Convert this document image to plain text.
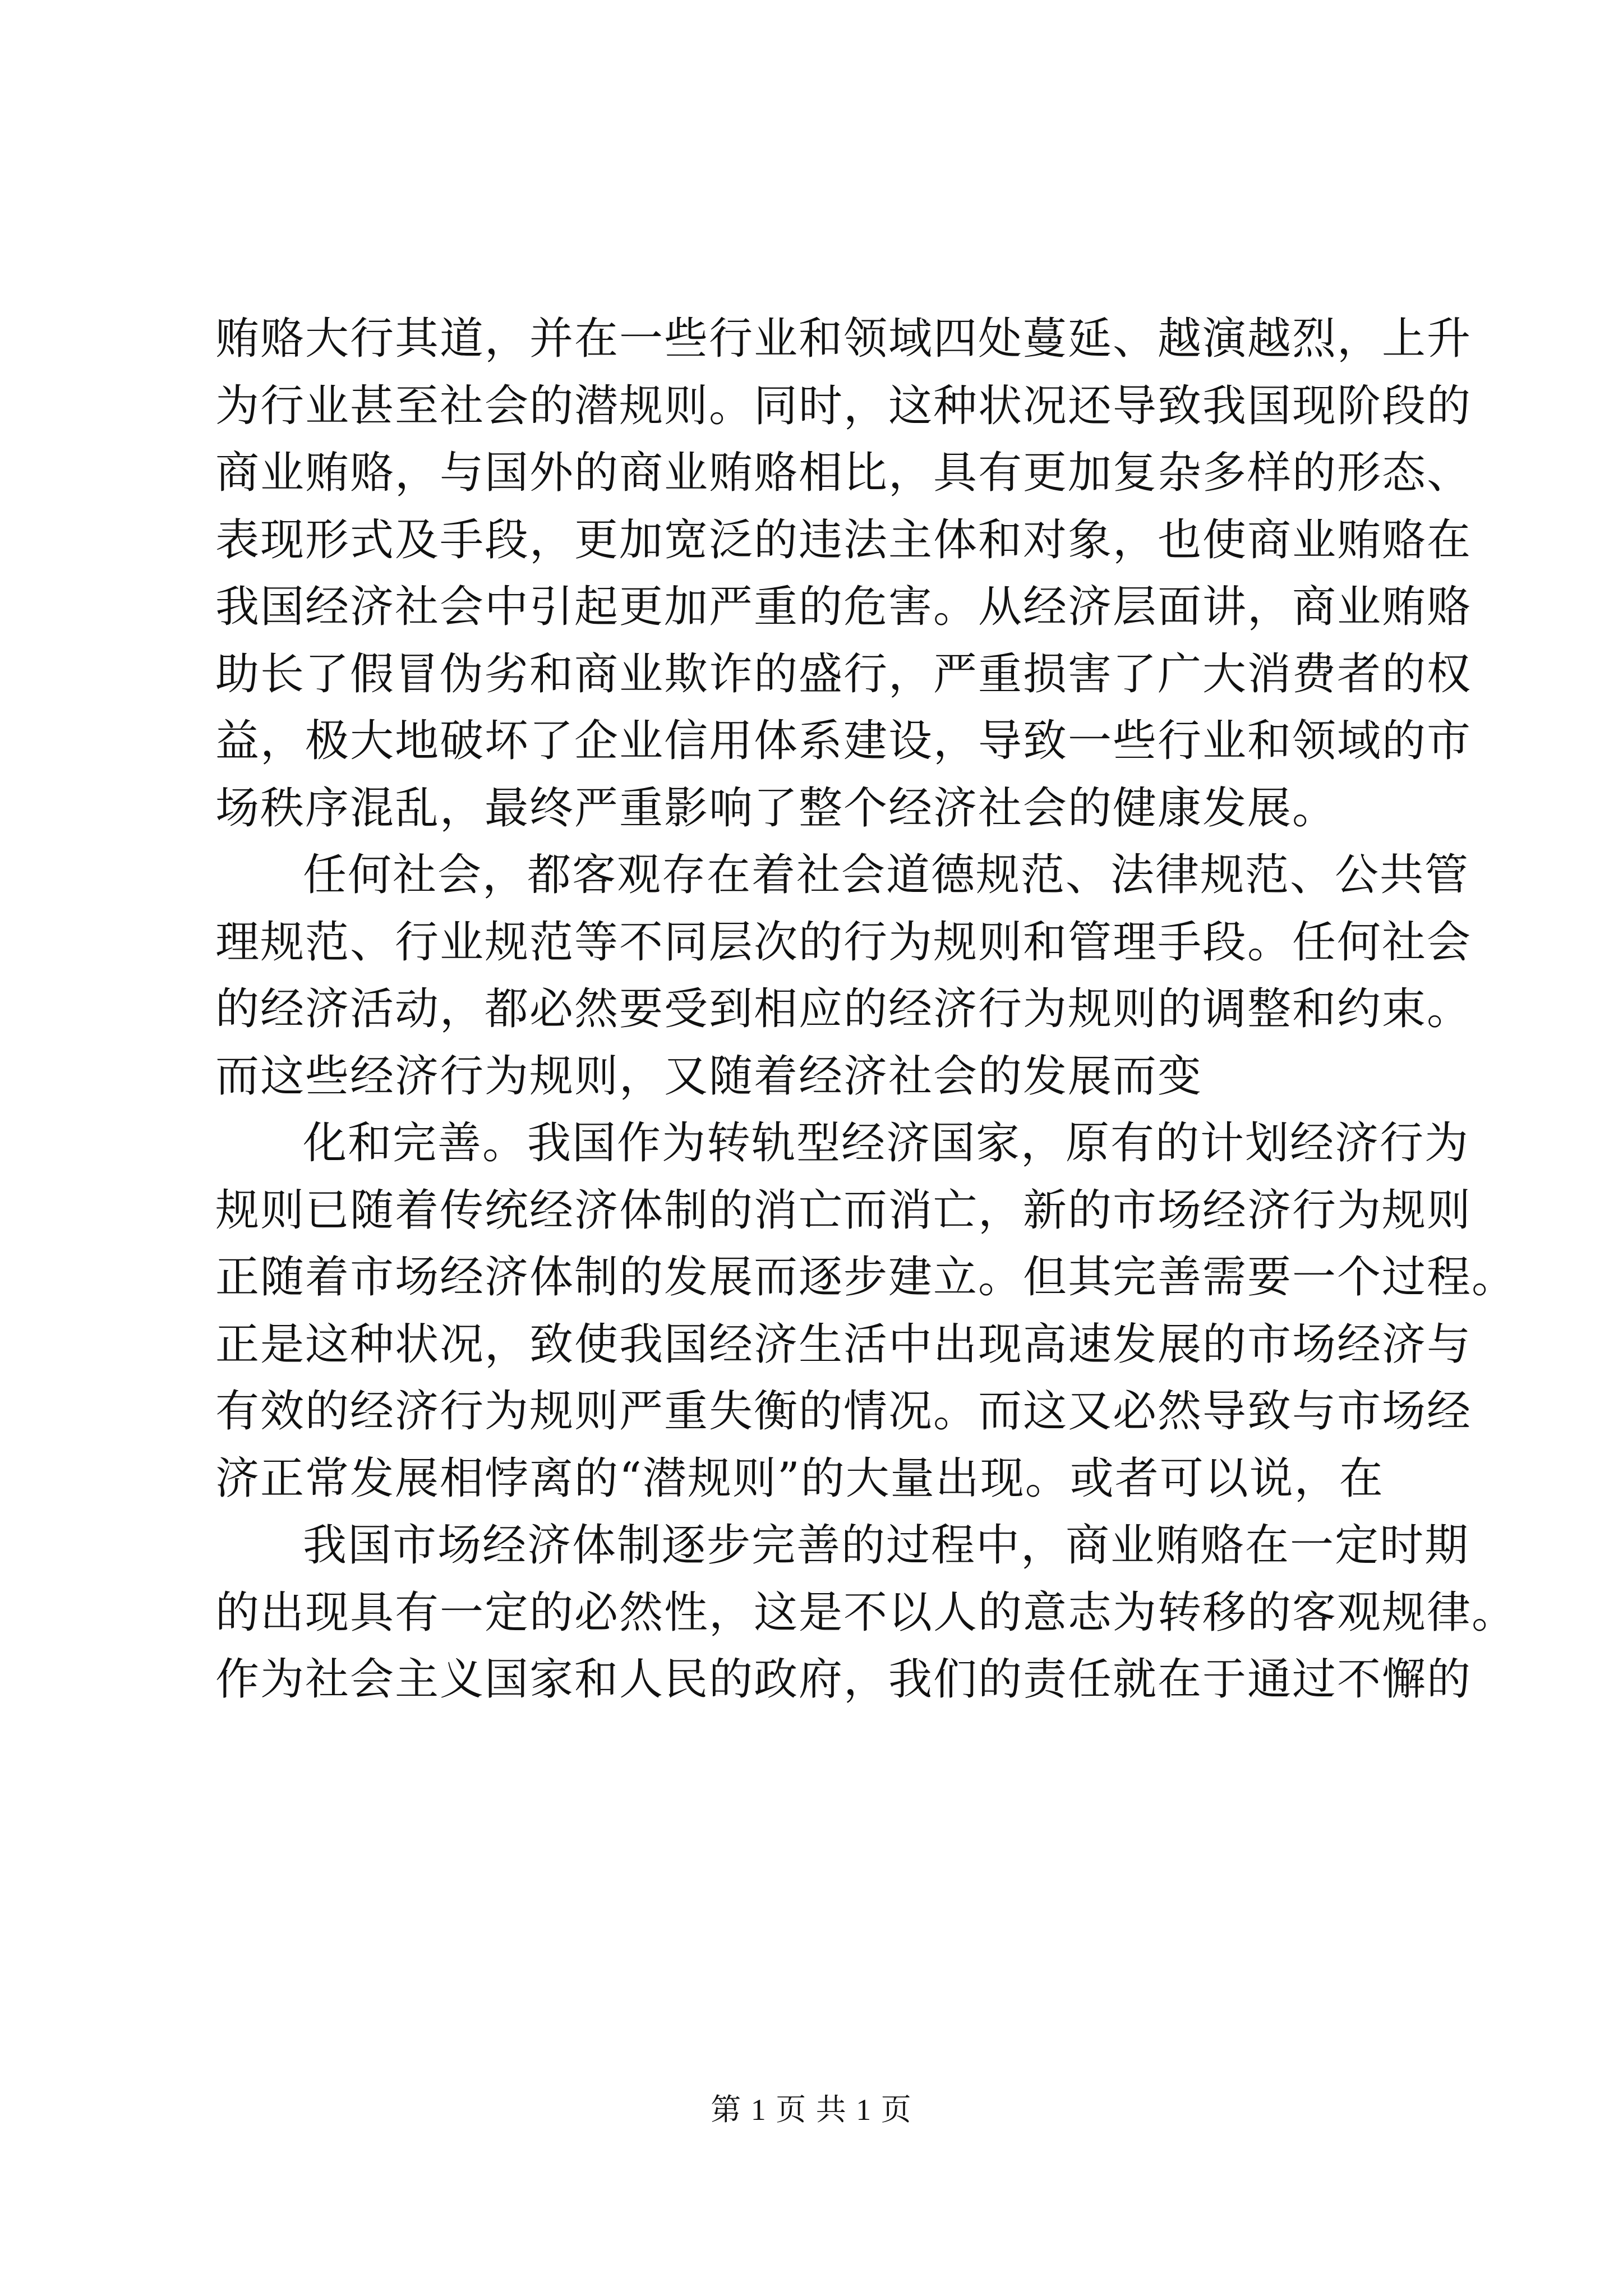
贿赂大行其道，并在一些行业和领域四处蔓延、越演越烈，上升
为行业甚至社会的潜规则。同时，这种状况还导致我国现阶段的
商业贿赂，与国外的商业贿赂相比，具有更加复杂多样的形态、
表现形式及手段，更加宽泛的违法主体和对象，也使商业贿赂在
我国经济社会中引起更加严重的危害。从经济层面讲，商业贿赂
助长了假冒伪劣和商业欺诈的盛行，严重损害了广大消费者的权
益，极大地破坏了企业信用体系建设，导致一些行业和领域的市
场秩序混乱，最终严重影响了整个经济社会的健康发展。
任何社会，都客观存在着社会道德规范、法律规范、公共管
理规范、行业规范等不同层次的行为规则和管理手段。任何社会
的经济活动，都必然要受到相应的经济行为规则的调整和约束。
而这些经济行为规则，又随着经济社会的发展而变
化和完善。我国作为转轨型经济国家，原有的计划经济行为
规则已随着传统经济体制的消亡而消亡，新的市场经济行为规则
正随着市场经济体制的发展而逐步建立。但其完善需要一个过程。
正是这种状况，致使我国经济生活中出现高速发展的市场经济与
有效的经济行为规则严重失衡的情况。而这又必然导致与市场经
济正常发展相悖离的“潜规则”的大量出现。或者可以说，在
我国市场经济体制逐步完善的过程中，商业贿赂在一定时期
的出现具有一定的必然性，这是不以人的意志为转移的客观规律。
作为社会主义国家和人民的政府，我们的责任就在于通过不懈的
第 1 页 共 1 页
